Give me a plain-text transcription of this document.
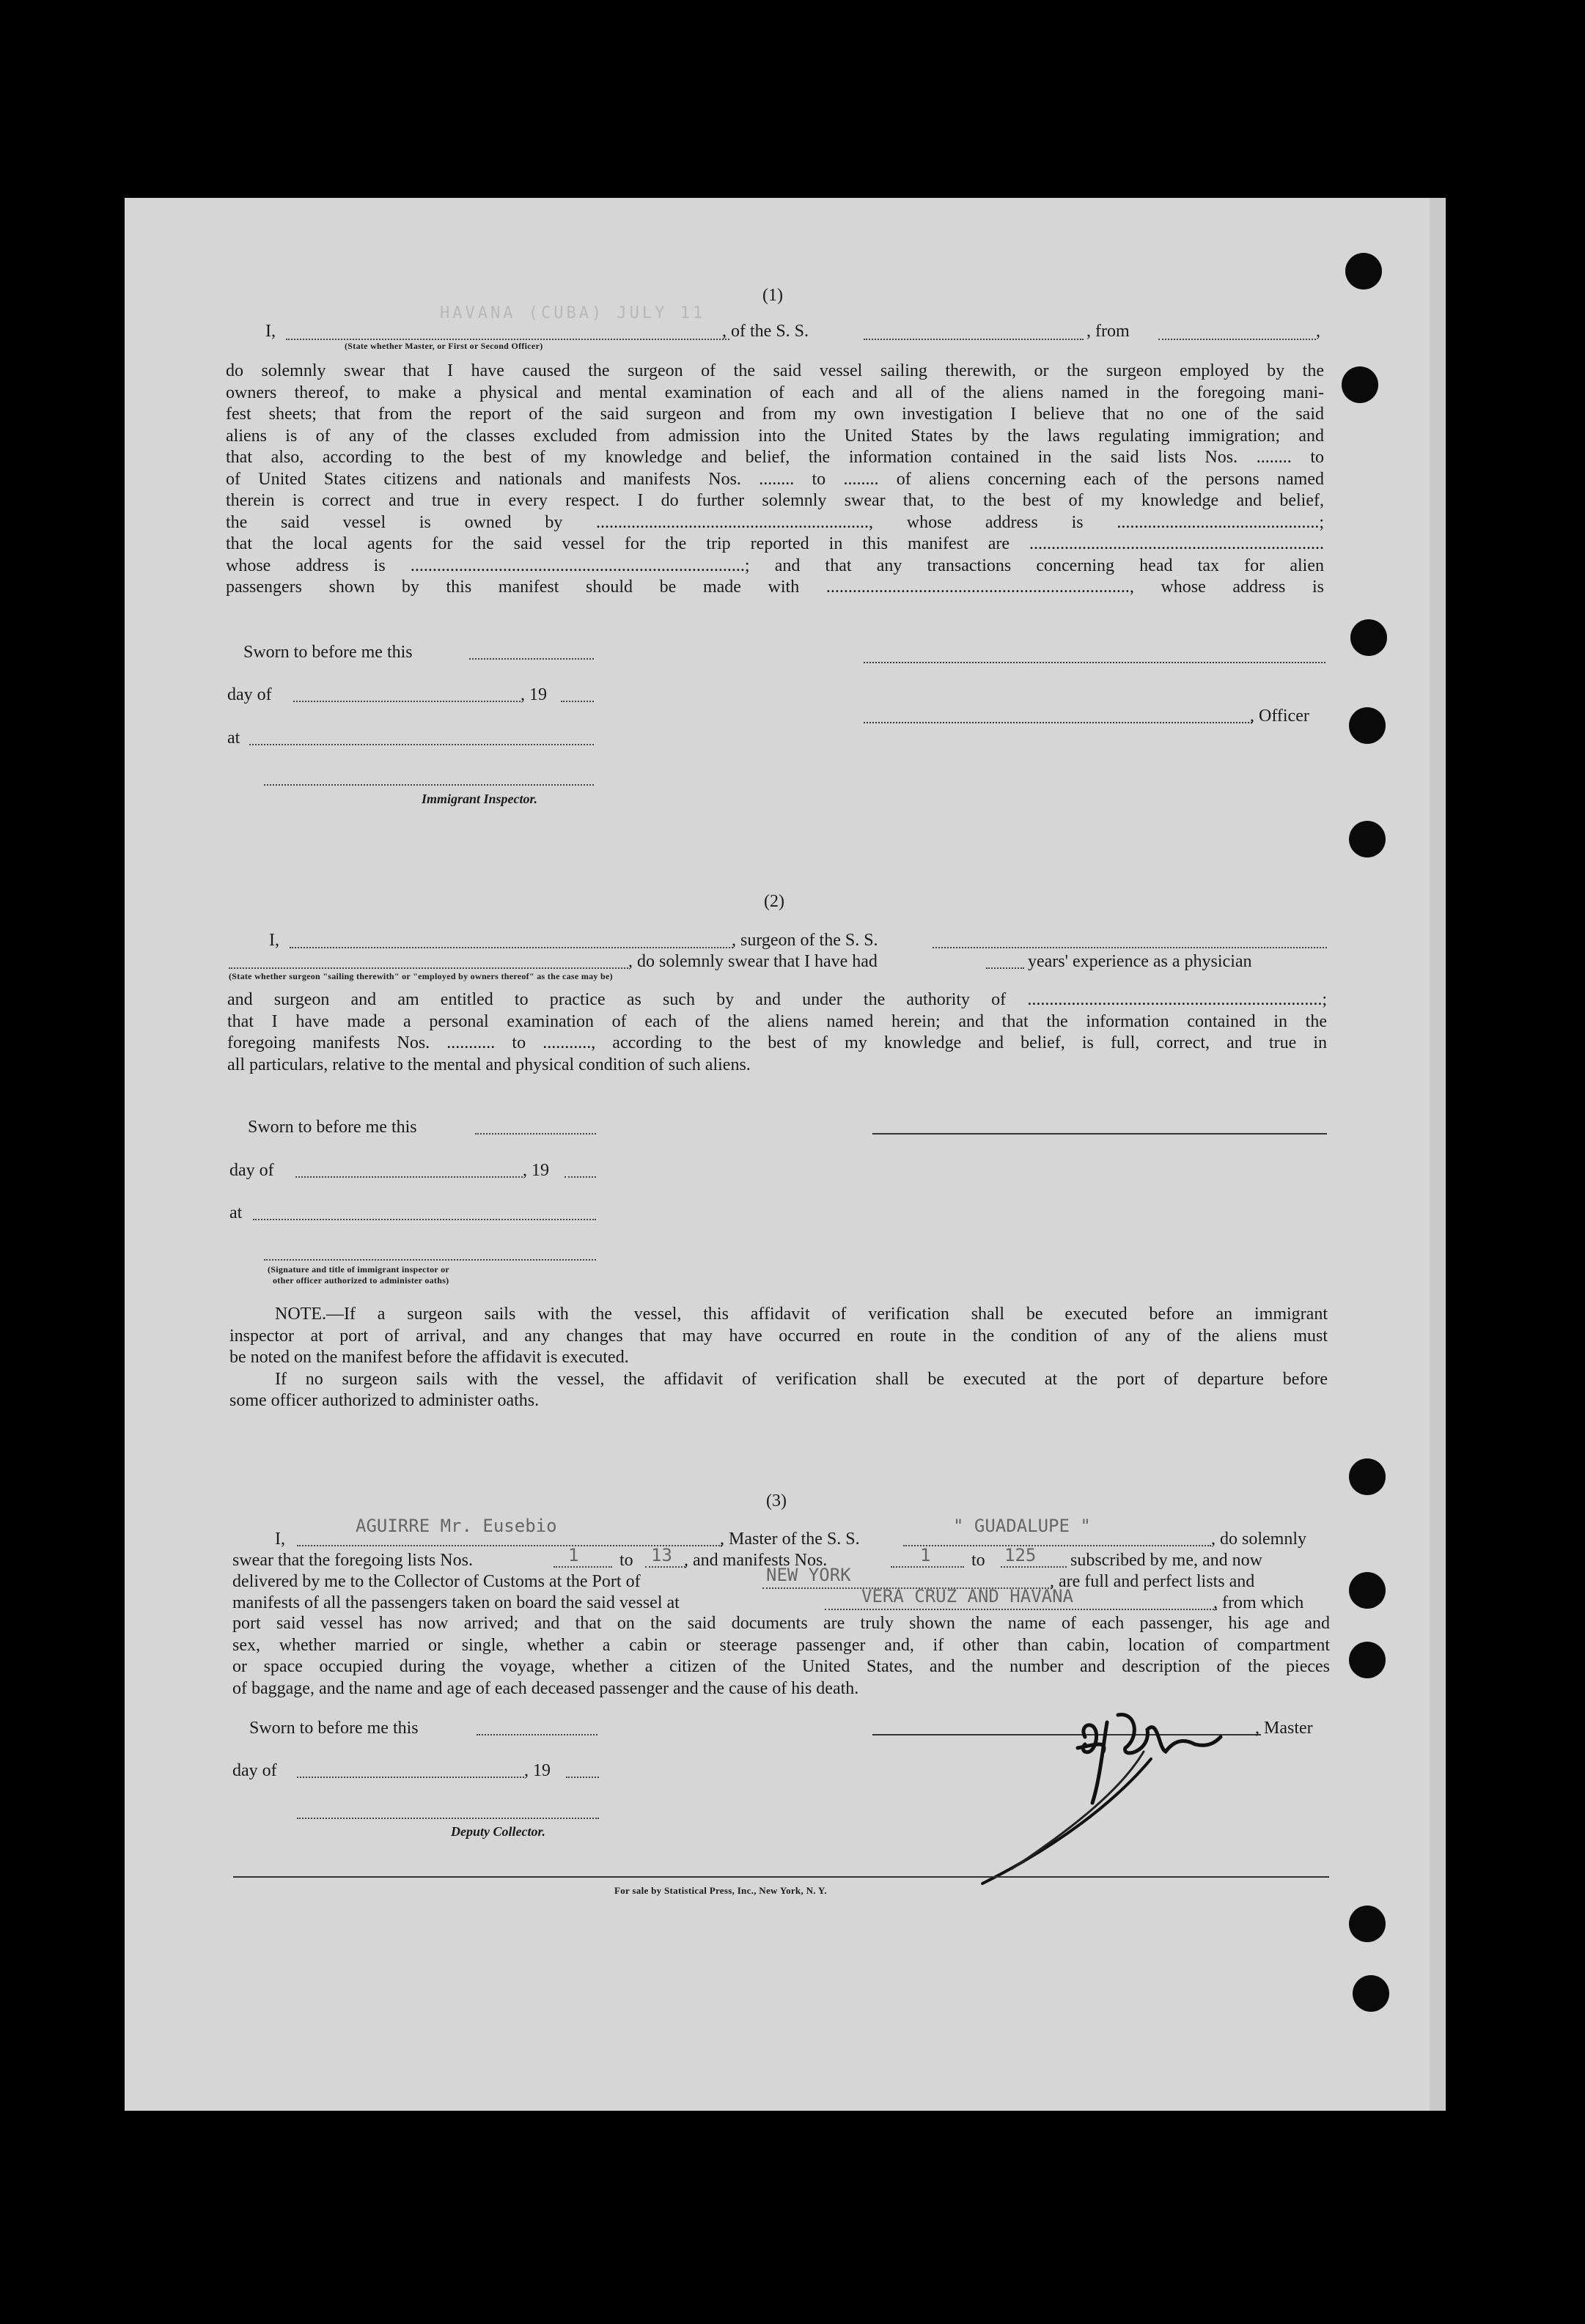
(1)
I,	, of the S. S.	, from	,
(State whether Master, or First or Second Officer)
HAVANA (CUBA) JULY 11
do solemnly swear that I have caused the surgeon of the said vessel sailing therewith, or the surgeon employed by the
owners thereof, to make a physical and mental examination of each and all of the aliens named in the foregoing mani-
fest sheets; that from the report of the said surgeon and from my own investigation I believe that no one of the said
aliens is of any of the classes excluded from admission into the United States by the laws regulating immigration; and
that also, according to the best of my knowledge and belief, the information contained in the said lists Nos. ........ to
of United States citizens and nationals and manifests Nos. ........ to ........ of aliens concerning each of the persons named
therein is correct and true in every respect. I do further solemnly swear that, to the best of my knowledge and belief,
the said vessel is owned by .............................................................., whose address is ..............................................;
that the local agents for the said vessel for the trip reported in this manifest are ...................................................................
whose address is ............................................................................; and that any transactions concerning head tax for alien
passengers shown by this manifest should be made with ....................................................................., whose address is
Sworn to before me this
day of	, 19
at
, Officer
Immigrant Inspector.
(2)
I,	, surgeon of the S. S.
, do solemnly swear that I have had	years' experience as a physician
(State whether surgeon "sailing therewith" or "employed by owners thereof" as the case may be)
and surgeon and am entitled to practice as such by and under the authority of ...................................................................;
that I have made a personal examination of each of the aliens named herein; and that the information contained in the
foregoing manifests Nos. ........... to ..........., according to the best of my knowledge and belief, is full, correct, and true in
all particulars, relative to the mental and physical condition of such aliens.
Sworn to before me this
day of	, 19
at
(Signature and title of immigrant inspector or
other officer authorized to administer oaths)
NOTE.—If a surgeon sails with the vessel, this affidavit of verification shall be executed before an immigrant
inspector at port of arrival, and any changes that may have occurred en route in the condition of any of the aliens must
be noted on the manifest before the affidavit is executed.
If no surgeon sails with the vessel, the affidavit of verification shall be executed at the port of departure before
some officer authorized to administer oaths.
(3)
I,
AGUIRRE Mr. Eusebio
, Master of the S. S.
" GUADALUPE "
, do solemnly
swear that the foregoing lists Nos.	1 to 13 , and manifests Nos.	1 to 125 subscribed by me, and now
delivered by me to the Collector of Customs at the Port of	NEW YORK	, are full and perfect lists and
manifests of all the passengers taken on board the said vessel at	VERA CRUZ AND HAVANA	, from which
port said vessel has now arrived; and that on the said documents are truly shown the name of each passenger, his age and
sex, whether married or single, whether a cabin or steerage passenger and, if other than cabin, location of compartment
or space occupied during the voyage, whether a citizen of the United States, and the number and description of the pieces
of baggage, and the name and age of each deceased passenger and the cause of his death.
Sworn to before me this	, Master
day of	, 19
Deputy Collector.
For sale by Statistical Press, Inc., New York, N. Y.
